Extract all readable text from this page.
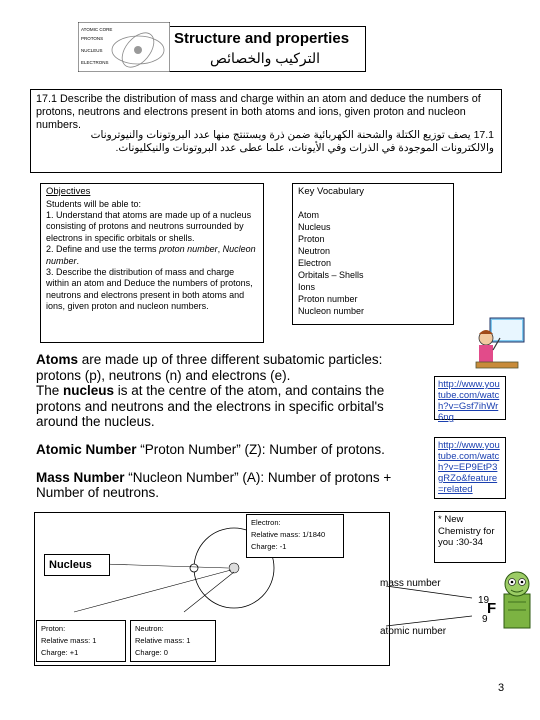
ATOMIC CORE
PROTONS
NUCLEUS
ELECTRONS
Structure and properties
التركيب والخصائص
17.1 Describe the distribution of mass and charge within an atom and deduce the numbers of protons, neutrons and electrons present in both atoms and ions, given proton and nucleon numbers.
17.1 يصف توزيع الكتلة والشحنة الكهربائية ضمن ذرة ويستنتج منها عدد البروتونات والنيوترونات والالكترونات الموجودة في الذرات وفي الأيونات، علما عطى عدد البروتونات والنيكليونات.
Objectives
Students will be able to:
1. Understand that atoms are made up of a nucleus consisting of protons and neutrons surrounded by electrons in specific orbitals or shells.
2. Define and use the terms proton number, Nucleon number.
3. Describe the distribution of mass and charge within an atom and Deduce the numbers of protons, neutrons and electrons present in both atoms and ions, given proton and nucleon numbers.
Key Vocabulary
Atom
Nucleus
Proton
Neutron
Electron
Orbitals – Shells
Ions
Proton number
Nucleon number

Atoms are made up of three different subatomic particles: protons (p), neutrons (n) and electrons (e).
The nucleus is at the centre of the atom, and contains the protons and neutrons and the electrons in specific orbital's around the nucleus.

Atomic Number “Proton Number” (Z): Number of protons.

Mass Number “Nucleon Number” (A): Number of protons + Number of neutrons.

http://www.youtube.com/watch?v=Gsf7ihWr6ng
http://www.youtube.com/watch?v=EP9EtP3gRZo&feature=related
* New Chemistry for you :30-34
Electron:
Relative mass: 1/1840
Charge: -1
Nucleus
Proton:
Relative mass: 1
Charge: +1
Neutron:
Relative mass: 1
Charge: 0
mass number
atomic number
19
F
9
3
